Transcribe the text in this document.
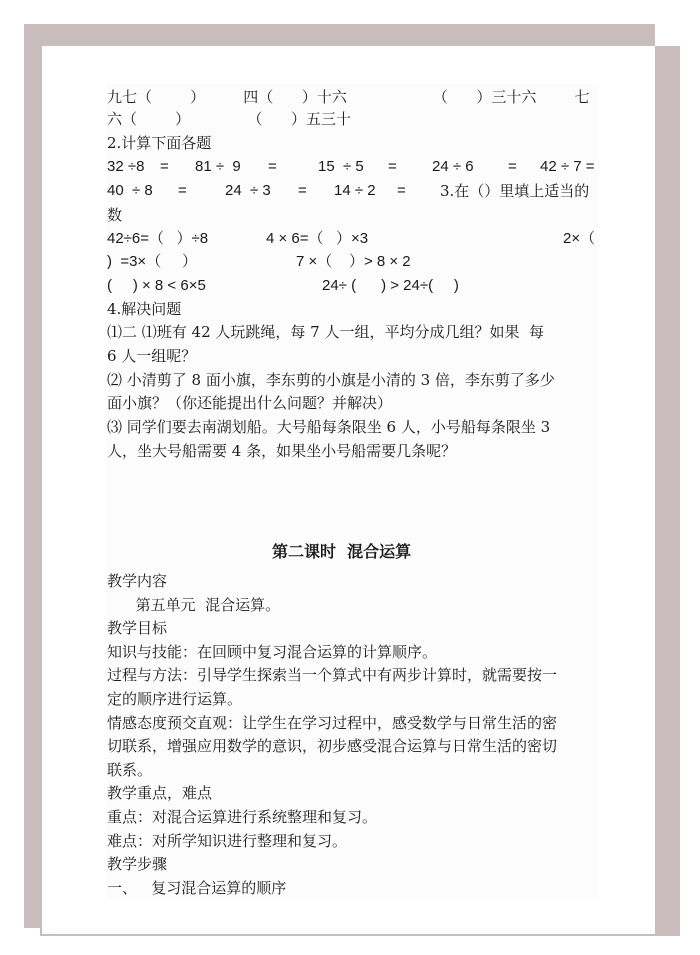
九七（        ）        四（      ）十六                  （      ）三十六        七
六（        ）            （      ）五三十
2.计算下面各题
32 ÷8 = 81 ÷  9 =	15  ÷ 5 = 24 ÷ 6 = 42 ÷ 7 =
40  ÷ 8 =	24  ÷ 3 = 14 ÷ 2 = 3.在（）里填上适当的
数
42÷6=（   ）÷8	4 × 6=（   ）×3	2×（
)  =3×（     ）	7 ×（    ）> 8 × 2
(     ) × 8 < 6×5	24÷ (      ) > 24÷(     )
4.解决问题
⑴二 ⑴班有 42 人玩跳绳，每 7 人一组，平均分成几组？如果  每
6 人一组呢？
⑵ 小清剪了 8 面小旗，李东剪的小旗是小清的 3 倍，李东剪了多少
面小旗？（你还能提出什么问题？并解决）
⑶ 同学们要去南湖划船。大号船每条限坐 6 人，小号船每条限坐 3
人，坐大号船需要 4 条，如果坐小号船需要几条呢？
第二课时  混合运算
教学内容
第五单元  混合运算。
教学目标
知识与技能：在回顾中复习混合运算的计算顺序。
过程与方法：引导学生探索当一个算式中有两步计算时，就需要按一
定的顺序进行运算。
情感态度预交直观：让学生在学习过程中，感受数学与日常生活的密
切联系，增强应用数学的意识，初步感受混合运算与日常生活的密切
联系。
教学重点，难点
重点：对混合运算进行系统整理和复习。
难点：对所学知识进行整理和复习。
教学步骤
一、   复习混合运算的顺序
